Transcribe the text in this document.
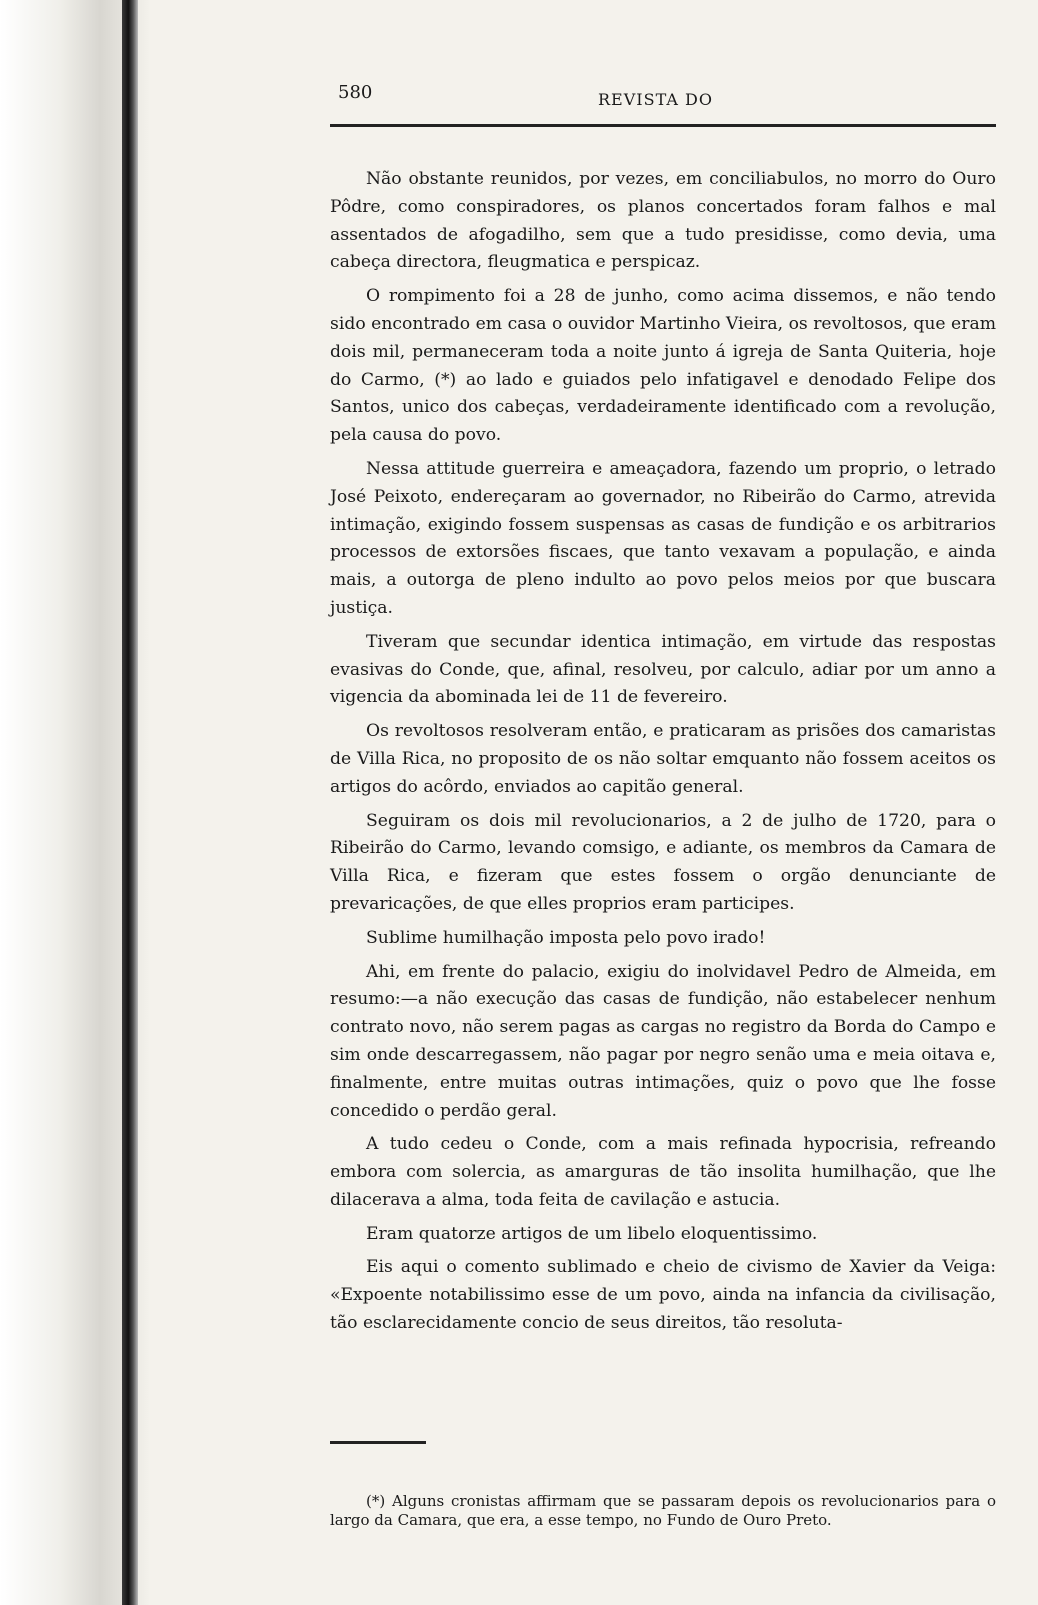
580	REVISTA DO

Não obstante reunidos, por vezes, em conciliabulos, no morro do Ouro Pôdre, como conspiradores, os planos concertados foram falhos e mal assentados de afogadilho, sem que a tudo presidisse, como devia, uma cabeça directora, fleugmatica e perspicaz.

O rompimento foi a 28 de junho, como acima dissemos, e não tendo sido encontrado em casa o ouvidor Martinho Vieira, os revoltosos, que eram dois mil, permaneceram toda a noite junto á igreja de Santa Quiteria, hoje do Carmo, (*) ao lado e guiados pelo infatigavel e denodado Felipe dos Santos, unico dos cabeças, verdadeiramente identificado com a revolução, pela causa do povo.

Nessa attitude guerreira e ameaçadora, fazendo um proprio, o letrado José Peixoto, endereçaram ao governador, no Ribeirão do Carmo, atrevida intimação, exigindo fossem suspensas as casas de fundição e os arbitrarios processos de extorsões fiscaes, que tanto vexavam a população, e ainda mais, a outorga de pleno indulto ao povo pelos meios por que buscara justiça.

Tiveram que secundar identica intimação, em virtude das respostas evasivas do Conde, que, afinal, resolveu, por calculo, adiar por um anno a vigencia da abominada lei de 11 de fevereiro.

Os revoltosos resolveram então, e praticaram as prisões dos camaristas de Villa Rica, no proposito de os não soltar emquanto não fossem aceitos os artigos do acôrdo, enviados ao capitão general.

Seguiram os dois mil revolucionarios, a 2 de julho de 1720, para o Ribeirão do Carmo, levando comsigo, e adiante, os membros da Camara de Villa Rica, e fizeram que estes fossem o orgão denunciante de prevaricações, de que elles proprios eram participes.

Sublime humilhação imposta pelo povo irado!

Ahi, em frente do palacio, exigiu do inolvidavel Pedro de Almeida, em resumo:—a não execução das casas de fundição, não estabelecer nenhum contrato novo, não serem pagas as cargas no registro da Borda do Campo e sim onde descarregassem, não pagar por negro senão uma e meia oitava e, finalmente, entre muitas outras intimações, quiz o povo que lhe fosse concedido o perdão geral.

A tudo cedeu o Conde, com a mais refinada hypocrisia, refreando embora com solercia, as amarguras de tão insolita humilhação, que lhe dilacerava a alma, toda feita de cavilação e astucia.

Eram quatorze artigos de um libelo eloquentissimo.

Eis aqui o comento sublimado e cheio de civismo de Xavier da Veiga: «Expoente notabilissimo esse de um povo, ainda na infancia da civilisação, tão esclarecidamente concio de seus direitos, tão resoluta-

(*) Alguns cronistas affirmam que se passaram depois os revolucionarios para o largo da Camara, que era, a esse tempo, no Fundo de Ouro Preto.
